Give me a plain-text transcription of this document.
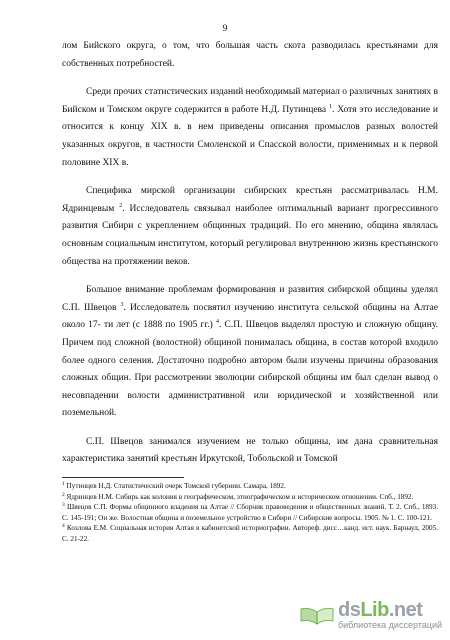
9

лом Бийского округа, о том, что большая часть скота разводилась крестьянами для собственных потребностей.

Среди прочих статистических изданий необходимый материал о различных занятиях в Бийском и Томском округе содержится в работе Н.Д. Путинцева $^1$. Хотя это исследование и относится к концу XIX в. в нем приведены описания промыслов разных волостей указанных округов, в частности Смоленской и Спасской волости, применимых и к первой половине XIX в.

Специфика мирской организации сибирских крестьян рассматривалась Н.М. Ядринцевым $^2$. Исследователь связывал наиболее оптимальный вариант прогрессивного развития Сибири с укреплением общинных традиций. По его мнению, община являлась основным социальным институтом, который регулировал внутреннюю жизнь крестьянского общества на протяжении веков.

Большое внимание проблемам формирования и развития сибирской общины уделял С.П. Швецов $^3$. Исследователь посвятил изучению института сельской общины на Алтае около 17- ти лет (с 1888 по 1905 гг.) $^4$. С.П. Швецов выделял простую и сложную общину. Причем под сложной (волостной) общиной понималась община, в состав которой входило более одного селения. Достаточно подробно автором были изучены причины образования сложных общин. При рассмотрении эволюции сибирской общины им был сделан вывод о несовпадении волости административной или юридической и хозяйственной или поземельной.

С.П. Швецов занимался изучением не только общины, им дана сравнительная характеристика занятий крестьян Иркутской, Тобольской и Томской

$^1$ Путинцев Н.Д. Статистический очерк Томской губернии. Самара, 1892.

$^2$ Ядринцев Н.М. Сибирь как колония в географическом, этнографическом и историческом отношении. Спб., 1892.

$^3$ Швецов С.П. Формы общинного владения на Алтае // Сборник правоведения и общественных знаний. Т. 2. Спб., 1893. С. 145-191; Он же. Волостная община и поземельное устройство в Сибири // Сибирские вопросы. 1905. № 1. С. 100-121.

$^4$ Козлова Е.М. Социальная история Алтая в кабинетской историографии. Автореф. дисс…канд. ист. наук. Барнаул, 2005. С. 21-22.

dsLib.net
библиотека диссертаций
